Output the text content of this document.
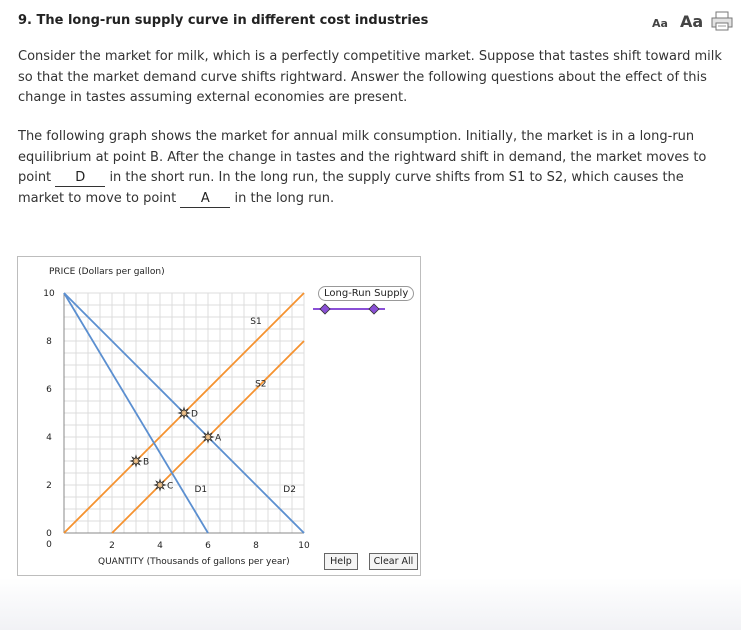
9. The long-run supply curve in different cost industries	Aa Aa

Consider the market for milk, which is a perfectly competitive market. Suppose that tastes shift toward milk so that the market demand curve shifts rightward. Answer the following questions about the effect of this change in tastes assuming external economies are present.

The following graph shows the market for annual milk consumption. Initially, the market is in a long-run equilibrium at point B. After the change in tastes and the rightward shift in demand, the market moves to point D in the short run. In the long run, the supply curve shifts from S1 to S2, which causes the market to move to point A in the long run.

PRICE (Dollars per gallon)
QUANTITY (Thousands of gallons per year)
0
2
4
6
8
10
0	2	4	6	8	10
S1
S2
D1	D2
A
B
C
D
Long-Run Supply
Help	Clear All
